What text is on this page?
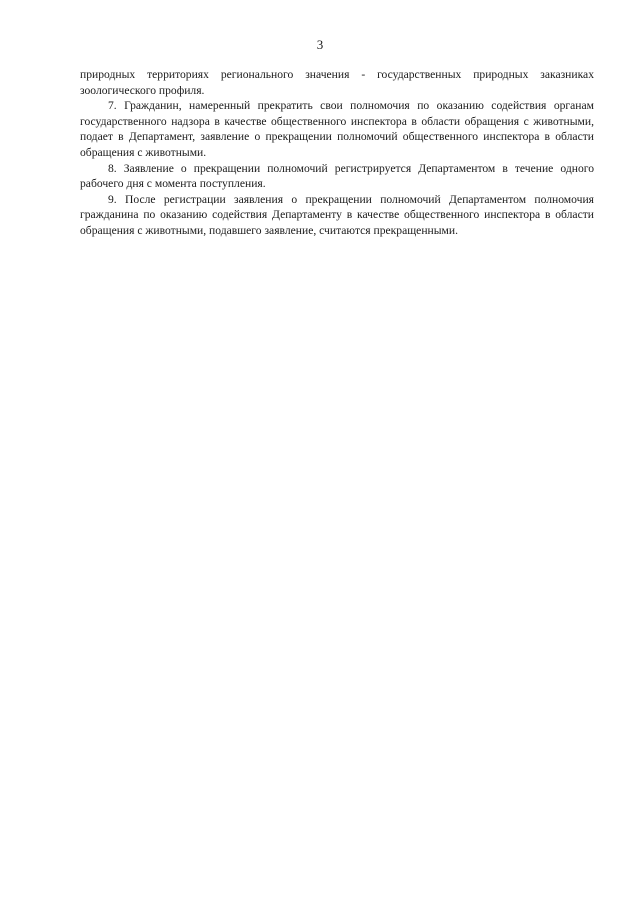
3

природных территориях регионального значения - государственных природных заказниках зоологического профиля.

7. Гражданин, намеренный прекратить свои полномочия по оказанию содействия органам государственного надзора в качестве общественного инспектора в области обращения с животными, подает в Департамент, заявление о прекращении полномочий общественного инспектора в области обращения с животными.

8. Заявление о прекращении полномочий регистрируется Департаментом в течение одного рабочего дня с момента поступления.

9. После регистрации заявления о прекращении полномочий Департаментом полномочия гражданина по оказанию содействия Департаменту в качестве общественного инспектора в области обращения с животными, подавшего заявление, считаются прекращенными.
